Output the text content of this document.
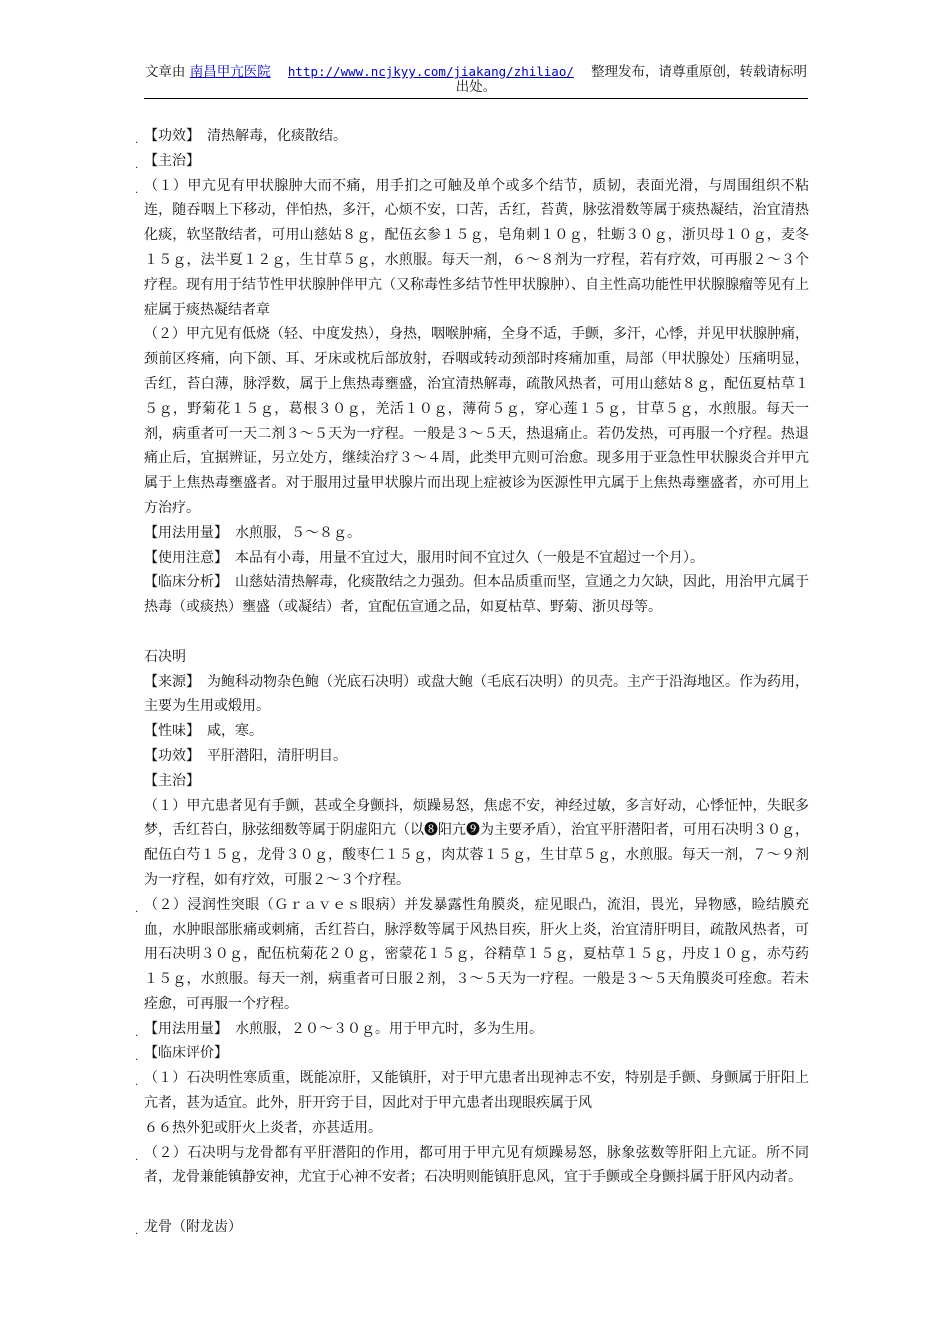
文章由 南昌甲亢医院 http://www.ncjkyy.com/jiakang/zhiliao/ 整理发布，请尊重原创，转载请标明
出处。

. 【功效】　清热解毒，化痰散结。

. 【主治】

. （１）甲亢见有甲状腺肿大而不痛，用手扪之可触及单个或多个结节，质韧，表面光滑，与周围组织不粘连，随吞咽上下移动，伴怕热，多汗，心烦不安，口苦，舌红，苔黄，脉弦滑数等属于痰热凝结，治宜清热化痰，软坚散结者，可用山慈姑８ｇ，配伍玄参１５ｇ，皂角刺１０ｇ，牡蛎３０ｇ，浙贝母１０ｇ，麦冬１５ｇ，法半夏１２ｇ，生甘草５ｇ，水煎服。每天一剂，６～８剂为一疗程，若有疗效，可再服２～３个疗程。现有用于结节性甲状腺肿伴甲亢（又称毒性多结节性甲状腺肿）、自主性高功能性甲状腺腺瘤等见有上症属于痰热凝结者章

（２）甲亢见有低烧（轻、中度发热），身热，咽喉肿痛，全身不适，手颤，多汗，心悸，并见甲状腺肿痛，颈前区疼痛，向下颌、耳、牙床或枕后部放射，吞咽或转动颈部时疼痛加重，局部（甲状腺处）压痛明显，舌红，苔白薄，脉浮数，属于上焦热毒壅盛，治宜清热解毒，疏散风热者，可用山慈姑８ｇ，配伍夏枯草１５ｇ，野菊花１５ｇ，葛根３０ｇ，羌活１０ｇ，薄荷５ｇ，穿心莲１５ｇ，甘草５ｇ，水煎服。每天一剂，病重者可一天二剂３～５天为一疗程。一般是３～５天，热退痛止。若仍发热，可再服一个疗程。热退痛止后，宜据辨证，另立处方，继续治疗３～４周，此类甲亢则可治愈。现多用于亚急性甲状腺炎合并甲亢属于上焦热毒壅盛者。对于服用过量甲状腺片而出现上症被诊为医源性甲亢属于上焦热毒壅盛者，亦可用上方治疗。

【用法用量】　水煎服，５～８ｇ。

【使用注意】　本品有小毒，用量不宜过大，服用时间不宜过久（一般是不宜超过一个月）。

【临床分析】　山慈姑清热解毒，化痰散结之力强劲。但本品质重而坚，宣通之力欠缺，因此，用治甲亢属于热毒（或痰热）壅盛（或凝结）者，宜配伍宣通之品，如夏枯草、野菊、浙贝母等。

石决明

【来源】　为鲍科动物杂色鲍（光底石决明）或盘大鲍（毛底石决明）的贝壳。主产于沿海地区。作为药用，主要为生用或煅用。

【性味】　咸，寒。

【功效】　平肝潜阳，清肝明目。

【主治】

（１）甲亢患者见有手颤，甚或全身颤抖，烦躁易怒，焦虑不安，神经过敏，多言好动，心悸怔忡，失眠多梦，舌红苔白，脉弦细数等属于阴虚阳亢（以❽阳亢❾为主要矛盾），治宜平肝潜阳者，可用石决明３０ｇ，配伍白芍１５ｇ，龙骨３０ｇ，酸枣仁１５ｇ，肉苁蓉１５ｇ，生甘草５ｇ，水煎服。每天一剂，７～９剂为一疗程，如有疗效，可服２～３个疗程。

. （２）浸润性突眼（Ｇｒａｖｅｓ眼病）并发暴露性角膜炎，症见眼凸，流泪，畏光，异物感，睑结膜充血，水肿眼部胀痛或刺痛，舌红苔白，脉浮数等属于风热目疾，肝火上炎，治宜清肝明目，疏散风热者，可用石决明３０ｇ，配伍杭菊花２０ｇ，密蒙花１５ｇ，谷精草１５ｇ，夏枯草１５ｇ，丹皮１０ｇ，赤芍药１５ｇ，水煎服。每天一剂，病重者可日服２剂，３～５天为一疗程。一般是３～５天角膜炎可痊愈。若未痊愈，可再服一个疗程。

. 【用法用量】　水煎服，２０～３０ｇ。用于甲亢时，多为生用。

. 【临床评价】

. （１）石决明性寒质重，既能凉肝，又能镇肝，对于甲亢患者出现神志不安，特别是手颤、身颤属于肝阳上亢者，甚为适宜。此外，肝开窍于目，因此对于甲亢患者出现眼疾属于风

６６热外犯或肝火上炎者，亦甚适用。

. （２）石决明与龙骨都有平肝潜阳的作用，都可用于甲亢见有烦躁易怒，脉象弦数等肝阳上亢证。所不同者，龙骨兼能镇静安神，尤宜于心神不安者；石决明则能镇肝息风，宜于手颤或全身颤抖属于肝风内动者。

. 龙骨（附龙齿）
